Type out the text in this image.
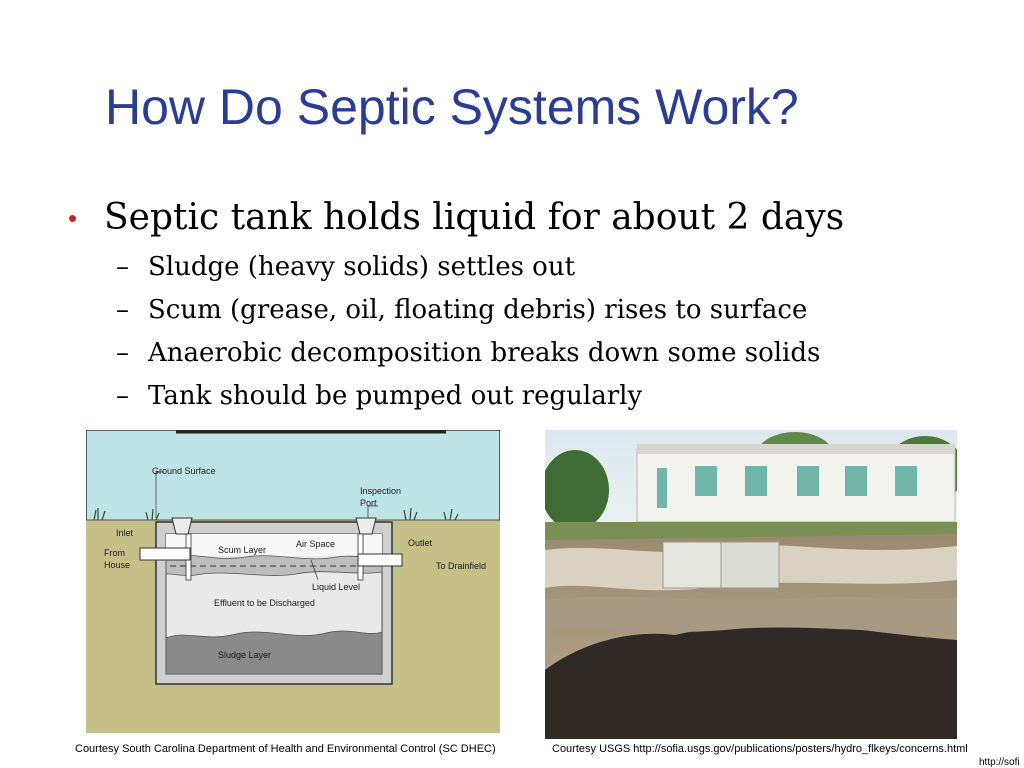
How Do Septic Systems Work?
• Septic tank holds liquid for about 2 days
– Sludge (heavy solids) settles out
– Scum (grease, oil, floating debris) rises to surface
– Anaerobic decomposition breaks down some solids
– Tank should be pumped out regularly
Ground Surface
Inspection
Port
Inlet
From
House
Outlet
To Drainfield
Scum Layer
Air Space
Liquid Level
Effluent to be Discharged
Sludge Layer
Courtesy South Carolina Department of Health and Environmental Control (SC DHEC)	Courtesy USGS http://sofia.usgs.gov/publications/posters/hydro_flkeys/concerns.html
http://sofi
